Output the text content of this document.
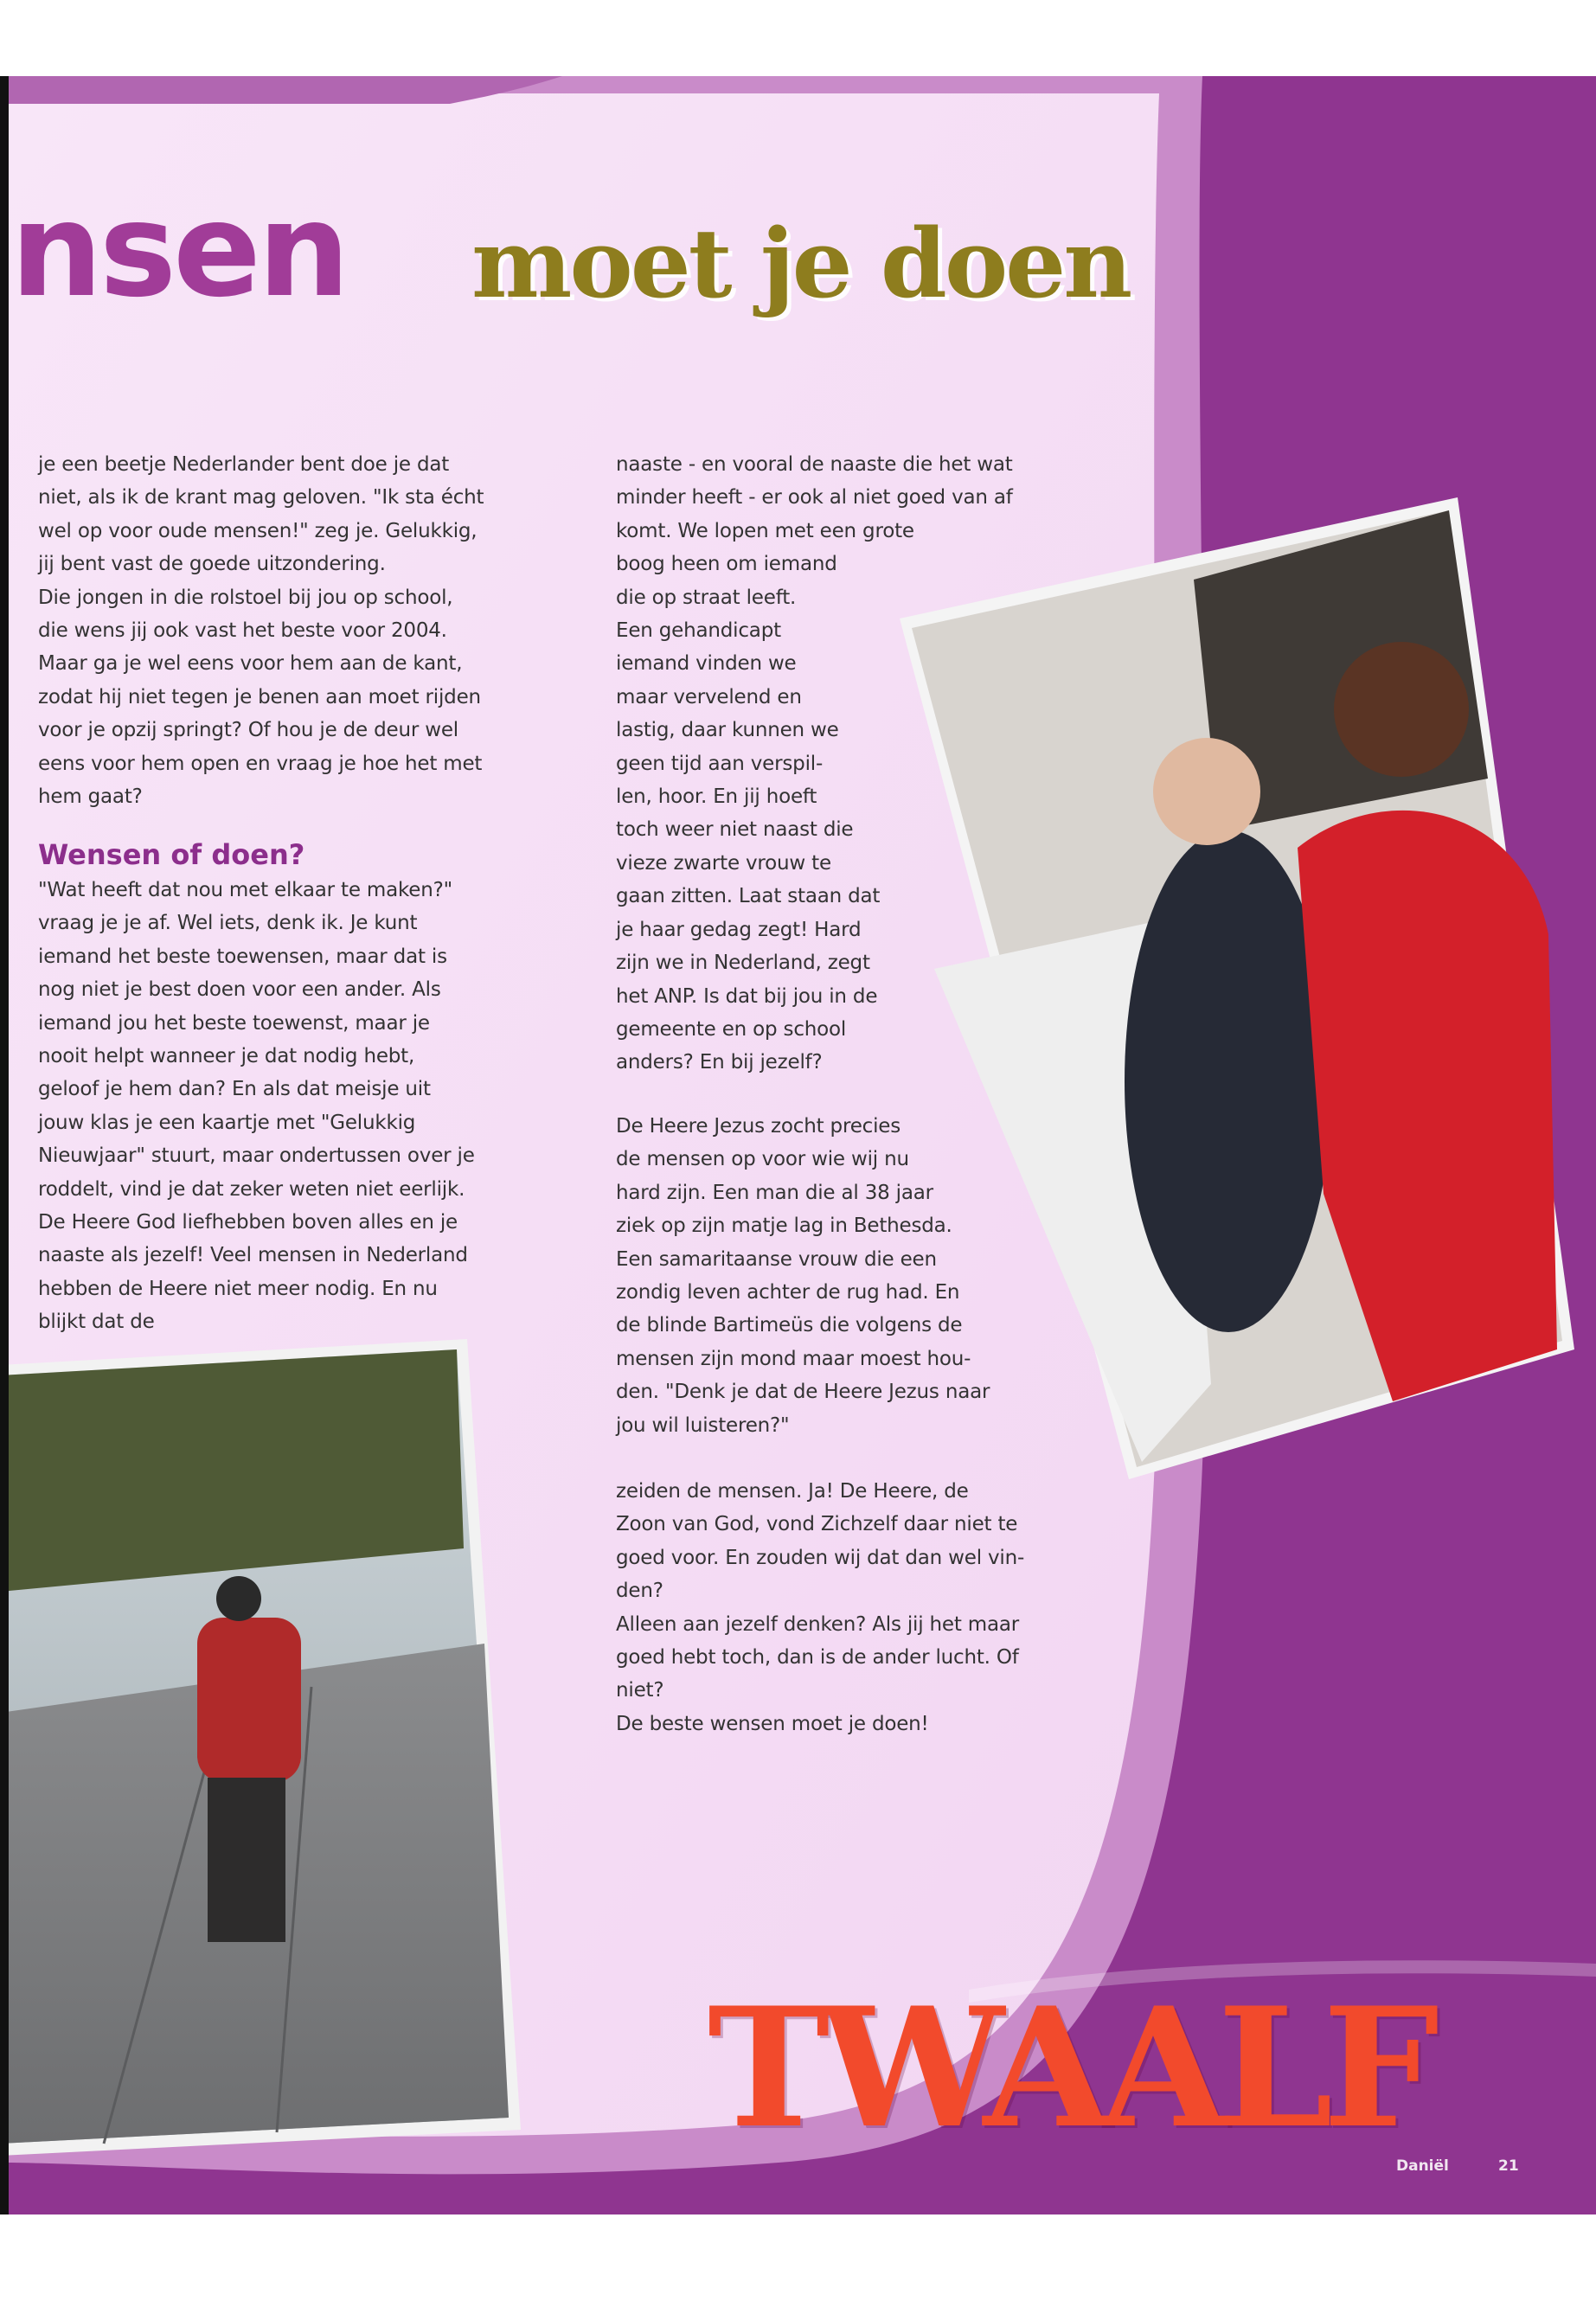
nsen moet je doen
je een beetje Nederlander bent doe je dat
niet, als ik de krant mag geloven. "Ik sta écht
wel op voor oude mensen!" zeg je. Gelukkig,
jij bent vast de goede uitzondering.
Die jongen in die rolstoel bij jou op school,
die wens jij ook vast het beste voor 2004.
Maar ga je wel eens voor hem aan de kant,
zodat hij niet tegen je benen aan moet rijden
voor je opzij springt? Of hou je de deur wel
eens voor hem open en vraag je hoe het met
hem gaat?
Wensen of doen?
"Wat heeft dat nou met elkaar te maken?"
vraag je je af. Wel iets, denk ik. Je kunt
iemand het beste toewensen, maar dat is
nog niet je best doen voor een ander. Als
iemand jou het beste toewenst, maar je
nooit helpt wanneer je dat nodig hebt,
geloof je hem dan? En als dat meisje uit
jouw klas je een kaartje met "Gelukkig
Nieuwjaar" stuurt, maar ondertussen over je
roddelt, vind je dat zeker weten niet eerlijk.
De Heere God liefhebben boven alles en je
naaste als jezelf! Veel mensen in Nederland
hebben de Heere niet meer nodig. En nu
blijkt dat de
naaste - en vooral de naaste die het wat
minder heeft - er ook al niet goed van af
komt. We lopen met een grote
boog heen om iemand
die op straat leeft.
Een gehandicapt
iemand vinden we
maar vervelend en
lastig, daar kunnen we
geen tijd aan verspil-
len, hoor. En jij hoeft
toch weer niet naast die
vieze zwarte vrouw te
gaan zitten. Laat staan dat
je haar gedag zegt! Hard
zijn we in Nederland, zegt
het ANP. Is dat bij jou in de
gemeente en op school
anders? En bij jezelf?
De Heere Jezus zocht precies
de mensen op voor wie wij nu
hard zijn. Een man die al 38 jaar
ziek op zijn matje lag in Bethesda.
Een samaritaanse vrouw die een
zondig leven achter de rug had. En
de blinde Bartimeüs die volgens de
mensen zijn mond maar moest hou-
den. "Denk je dat de Heere Jezus naar
jou wil luisteren?"
zeiden de mensen. Ja! De Heere, de
Zoon van God, vond Zichzelf daar niet te
goed voor. En zouden wij dat dan wel vin-
den?
Alleen aan jezelf denken? Als jij het maar
goed hebt toch, dan is de ander lucht. Of
niet?
De beste wensen moet je doen!
TWAALF
Daniël	21
